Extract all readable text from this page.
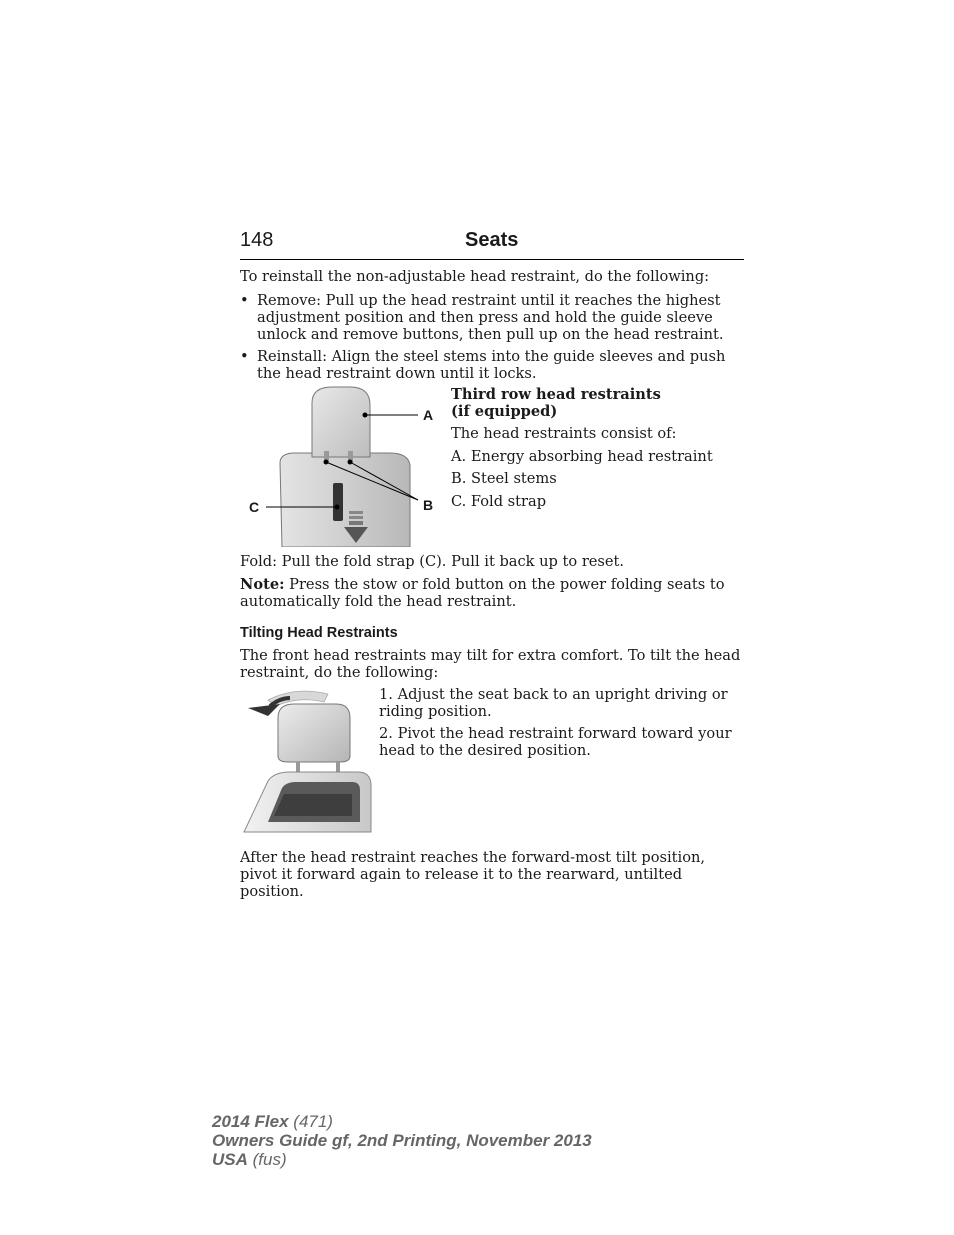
148	Seats

To reinstall the non-adjustable head restraint, do the following:

• Remove: Pull up the head restraint until it reaches the highest adjustment position and then press and hold the guide sleeve unlock and remove buttons, then pull up on the head restraint.
• Reinstall: Align the steel stems into the guide sleeves and push the head restraint down until it locks.
A
B
C
Third row head restraints
(if equipped)

The head restraints consist of:

A. Energy absorbing head restraint

B. Steel stems

C. Fold strap

Fold: Pull the fold strap (C). Pull it back up to reset.

Note: Press the stow or fold button on the power folding seats to automatically fold the head restraint.

Tilting Head Restraints

The front head restraints may tilt for extra comfort. To tilt the head restraint, do the following:

1. Adjust the seat back to an upright driving or riding position.

2. Pivot the head restraint forward toward your head to the desired position.

After the head restraint reaches the forward-most tilt position, pivot it forward again to release it to the rearward, untilted position.

2014 Flex (471)
Owners Guide gf, 2nd Printing, November 2013
USA (fus)
